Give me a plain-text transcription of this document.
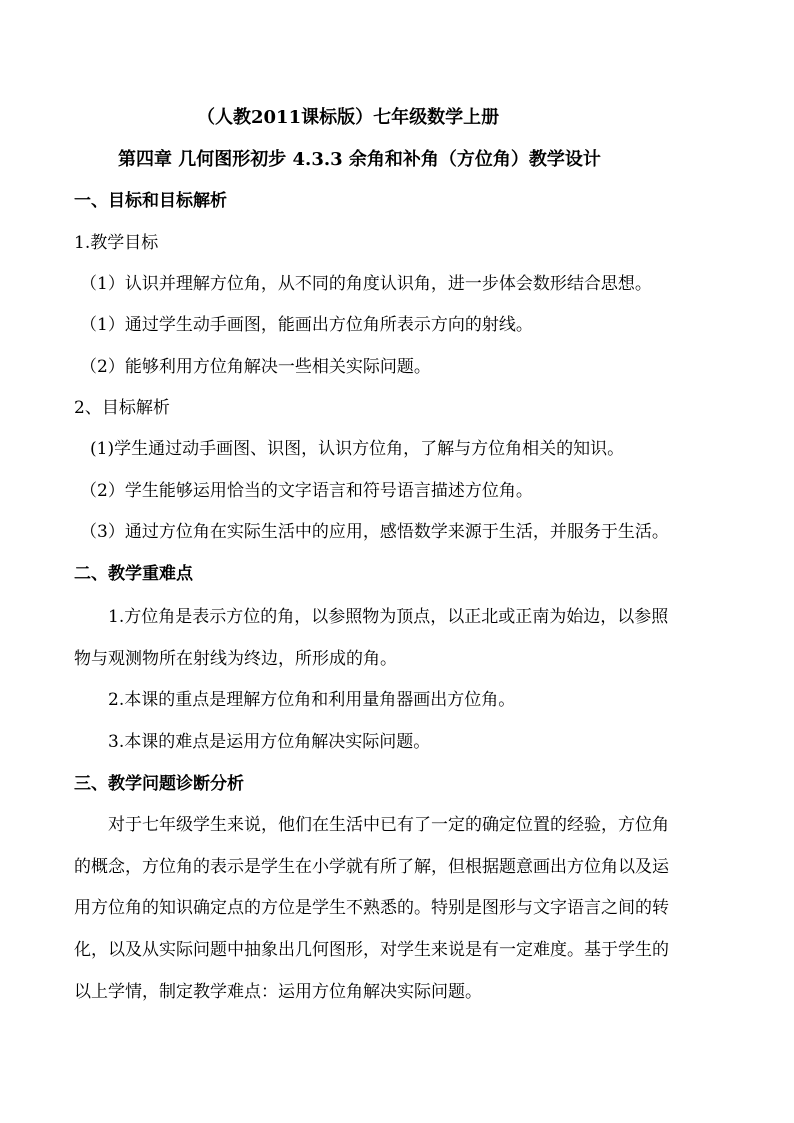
（人教2011课标版）七年级数学上册
第四章 几何图形初步 4.3.3 余角和补角（方位角）教学设计
一、目标和目标解析
1.教学目标
（1）认识并理解方位角，从不同的角度认识角，进一步体会数形结合思想。
（1）通过学生动手画图，能画出方位角所表示方向的射线。
（2）能够利用方位角解决一些相关实际问题。
2、目标解析
(1)学生通过动手画图、识图，认识方位角，了解与方位角相关的知识。
（2）学生能够运用恰当的文字语言和符号语言描述方位角。
（3）通过方位角在实际生活中的应用，感悟数学来源于生活，并服务于生活。
二、教学重难点
1.方位角是表示方位的角，以参照物为顶点，以正北或正南为始边，以参照
物与观测物所在射线为终边，所形成的角。
2.本课的重点是理解方位角和利用量角器画出方位角。
3.本课的难点是运用方位角解决实际问题。
三、教学问题诊断分析
对于七年级学生来说，他们在生活中已有了一定的确定位置的经验，方位角
的概念，方位角的表示是学生在小学就有所了解，但根据题意画出方位角以及运
用方位角的知识确定点的方位是学生不熟悉的。特别是图形与文字语言之间的转
化，以及从实际问题中抽象出几何图形，对学生来说是有一定难度。基于学生的
以上学情，制定教学难点：运用方位角解决实际问题。
